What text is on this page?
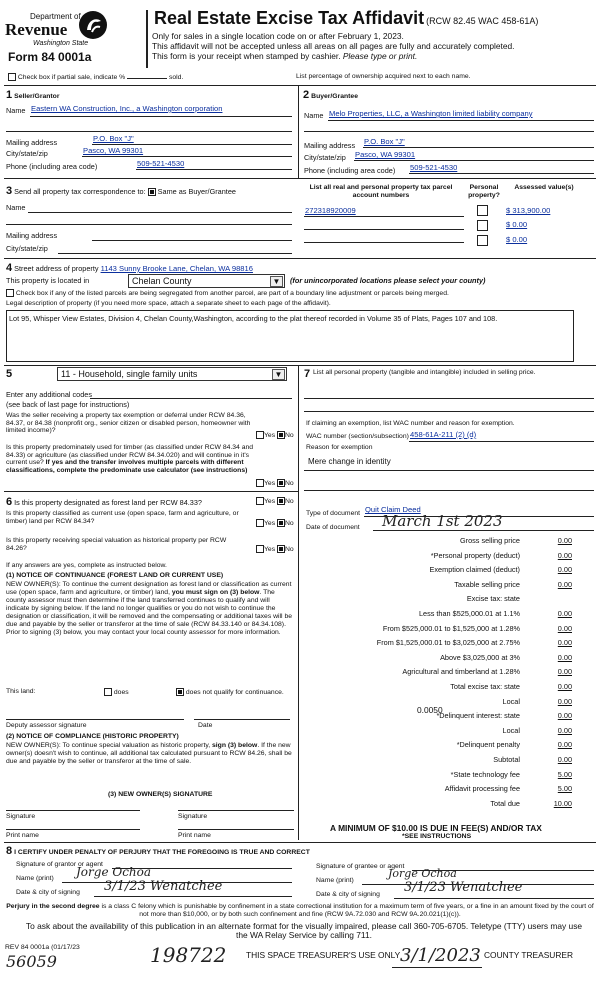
Department of
Revenue
Washington State
Form 84 0001a
Real Estate Excise Tax Affidavit (RCW 82.45 WAC 458-61A)
Only for sales in a single location code on or after February 1, 2023.
This affidavit will not be accepted unless all areas on all pages are fully and accurately completed.
This form is your receipt when stamped by cashier. Please type or print.
Check box if partial sale, indicate %	sold.	List percentage of ownership acquired next to each name.
1 Seller/Grantor
Name Eastern WA Construction, Inc., a Washington corporation
Mailing address	P.O. Box "J"
City/state/zip	Pasco, WA 99301
Phone (including area code)	509-521-4530
2 Buyer/Grantee
Name Melo Properties, LLC, a Washington limited liability company
Mailing address P.O. Box "J"
City/state/zip Pasco, WA 99301
Phone (including area code) 509-521-4530
3 Send all property tax correspondence to: Same as Buyer/Grantee
Name
Mailing address
City/state/zip
List all real and personal property tax parcel account numbers
Personal property?
Assessed value(s)
272318920009	$ 313,900.00
$ 0.00
$ 0.00
4 Street address of property 1143 Sunny Brooke Lane, Chelan, WA 98816
This property is located in	Chelan County	▼	(for unincorporated locations please select your county)
Check box if any of the listed parcels are being segregated from another parcel, are part of a boundary line adjustment or parcels being merged.
Legal description of property (if you need more space, attach a separate sheet to each page of the affidavit).
Lot 95, Whisper View Estates, Division 4, Chelan County,Washington, according to the plat thereof recorded in Volume 35 of Plats, Pages 107 and 108.
5	11 - Household, single family units	▼
Enter any additional codes
(see back of last page for instructions)
Was the seller receiving a property tax exemption or deferral under RCW 84.36, 84.37, or 84.38 (nonprofit org., senior citizen or disabled person, homeowner with limited income)?
Yes No
Is this property predominately used for timber (as classified under RCW 84.34 and 84.33) or agriculture (as classified under RCW 84.34.020) and will continue in it's current use? If yes and the transfer involves multiple parcels with different classifications, complete the predominate use calculator (see instructions)
Yes No
6 Is this property designated as forest land per RCW 84.33?	Yes No
Is this property classified as current use (open space, farm and agriculture, or timber) land per RCW 84.34?	Yes No
Is this property receiving special valuation as historical property per RCW 84.26?	Yes No
If any answers are yes, complete as instructed below.
(1) NOTICE OF CONTINUANCE (FOREST LAND OR CURRENT USE)
NEW OWNER(S): To continue the current designation as forest land or classification as current use (open space, farm and agriculture, or timber) land, you must sign on (3) below. The county assessor must then determine if the land transferred continues to qualify and will indicate by signing below. If the land no longer qualifies or you do not wish to continue the designation or classification, it will be removed and the compensating or additional taxes will be due and payable by the seller or transferor at the time of sale (RCW 84.33.140 or 84.34.108). Prior to signing (3) below, you may contact your local county assessor for more information.
This land:	does	does not qualify for continuance.
Deputy assessor signature	Date
(2) NOTICE OF COMPLIANCE (HISTORIC PROPERTY)
NEW OWNER(S): To continue special valuation as historic property, sign (3) below. If the new owner(s) doesn't wish to continue, all additional tax calculated pursuant to RCW 84.26, shall be due and payable by the seller or transferor at the time of sale.
(3) NEW OWNER(S) SIGNATURE
Signature	Signature
Print name	Print name
7 List all personal property (tangible and intangible) included in selling price.
If claiming an exemption, list WAC number and reason for exemption.
WAC number (section/subsection) 458-61A-211 (2) (d)
Reason for exemption
Mere change in identity
Type of document Quit Claim Deed
Date of document March 1st 2023
Gross selling price	0.00
*Personal property (deduct)	0.00
Exemption claimed (deduct)	0.00
Taxable selling price	0.00
Excise tax: state
Less than $525,000.01 at 1.1%	0.00
From $525,000.01 to $1,525,000 at 1.28%	0.00
From $1,525,000.01 to $3,025,000 at 2.75%	0.00
Above $3,025,000 at 3%	0.00
Agricultural and timberland at 1.28%	0.00
Total excise tax: state	0.00
Local	0.00
*Delinquent interest: state	0.00
Local	0.00
*Delinquent penalty	0.00
Subtotal	0.00
*State technology fee	5.00
Affidavit processing fee	5.00
Total due	10.00
0.0050
A MINIMUM OF $10.00 IS DUE IN FEE(S) AND/OR TAX
*SEE INSTRUCTIONS
8 I CERTIFY UNDER PENALTY OF PERJURY THAT THE FOREGOING IS TRUE AND CORRECT
Signature of grantor or agent
Name (print) Jorge Ochoa
Date & city of signing 3/1/23 Wenatchee
Signature of grantee or agent
Name (print)
Jorge Ochoa
Date & city of signing 3/1/23 Wenatchee
Perjury in the second degree is a class C felony which is punishable by confinement in a state correctional institution for a maximum term of five years, or a fine in an amount fixed by the court of not more than $10,000, or by both such confinement and fine (RCW 9A.72.030 and RCW 9A.20.021(1)(c)).
To ask about the availability of this publication in an alternate format for the visually impaired, please call 360-705-6705. Teletype (TTY) users may use the WA Relay Service by calling 711.
REV 84 0001a (01/17/23
THIS SPACE TREASURER'S USE ONLY	COUNTY TREASURER
56059	198722	3/1/2023
